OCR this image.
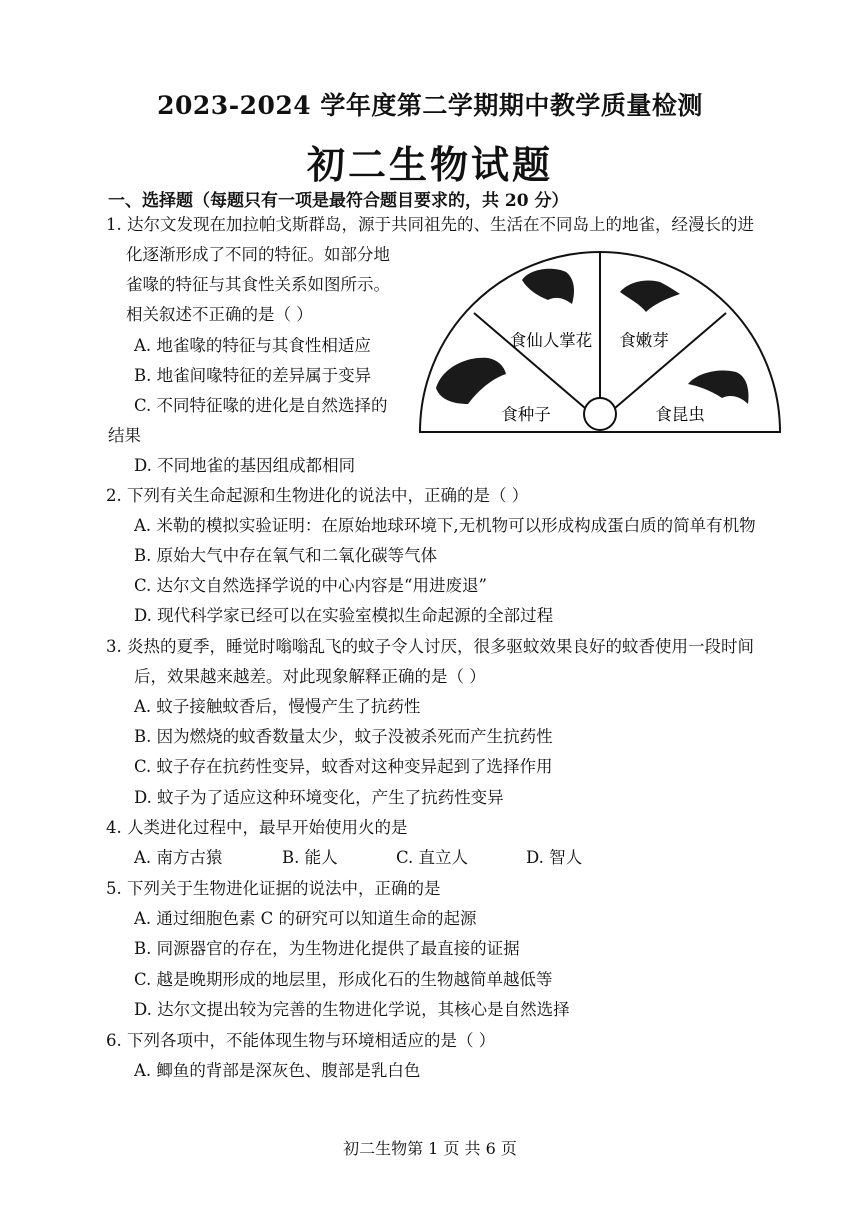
2023-2024 学年度第二学期期中教学质量检测
初二生物试题
一、选择题（每题只有一项是最符合题目要求的，共 20 分）
1. 达尔文发现在加拉帕戈斯群岛，源于共同祖先的、生活在不同岛上的地雀，经漫长的进
化逐渐形成了不同的特征。如部分地
雀喙的特征与其食性关系如图所示。
相关叙述不正确的是（ ）
A. 地雀喙的特征与其食性相适应
B. 地雀间喙特征的差异属于变异
C. 不同特征喙的进化是自然选择的
结果
D. 不同地雀的基因组成都相同
食仙人掌花 食嫩芽
食种子	食昆虫
2. 下列有关生命起源和生物进化的说法中，正确的是（ ）
A. 米勒的模拟实验证明：在原始地球环境下,无机物可以形成构成蛋白质的简单有机物
B. 原始大气中存在氧气和二氧化碳等气体
C. 达尔文自然选择学说的中心内容是“用进废退”
D. 现代科学家已经可以在实验室模拟生命起源的全部过程
3. 炎热的夏季，睡觉时嗡嗡乱飞的蚊子令人讨厌，很多驱蚊效果良好的蚊香使用一段时间
后，效果越来越差。对此现象解释正确的是（ ）
A. 蚊子接触蚊香后，慢慢产生了抗药性
B. 因为燃烧的蚊香数量太少，蚊子没被杀死而产生抗药性
C. 蚊子存在抗药性变异，蚊香对这种变异起到了选择作用
D. 蚊子为了适应这种环境变化，产生了抗药性变异
4. 人类进化过程中，最早开始使用火的是
A. 南方古猿	B. 能人	C. 直立人	D. 智人
5. 下列关于生物进化证据的说法中，正确的是
A. 通过细胞色素 C 的研究可以知道生命的起源
B. 同源器官的存在，为生物进化提供了最直接的证据
C. 越是晚期形成的地层里，形成化石的生物越简单越低等
D. 达尔文提出较为完善的生物进化学说，其核心是自然选择
6. 下列各项中，不能体现生物与环境相适应的是（ ）
A. 鲫鱼的背部是深灰色、腹部是乳白色
初二生物第 1 页 共 6 页
